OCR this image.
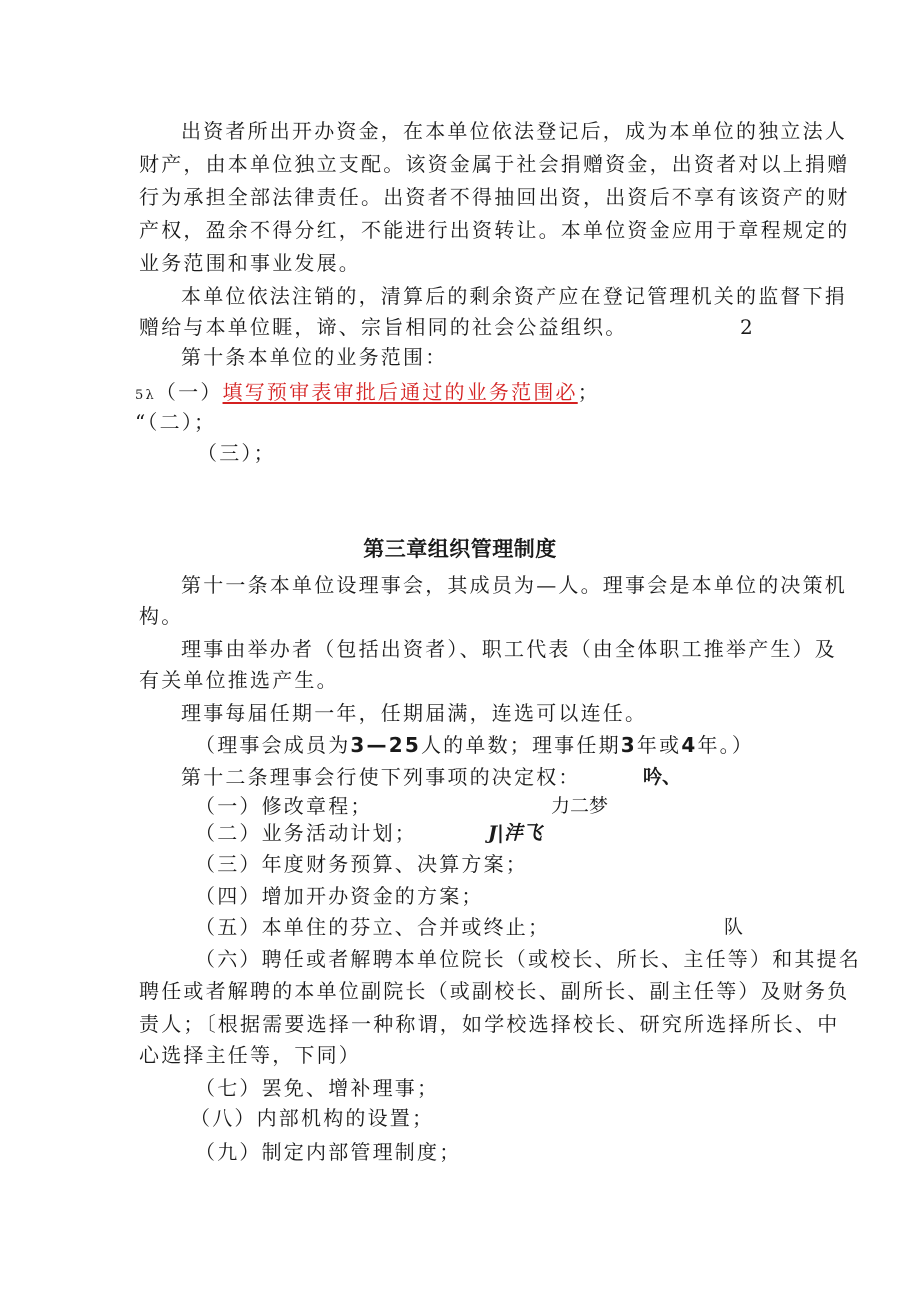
出资者所出开办资金，在本单位依法登记后，成为本单位的独立法人
财产，由本单位独立支配。该资金属于社会捐赠资金，出资者对以上捐赠
行为承担全部法律责任。出资者不得抽回出资，出资后不享有该资产的财
产权，盈余不得分红，不能进行出资转让。本单位资金应用于章程规定的
业务范围和事业发展。
本单位依法注销的，清算后的剩余资产应在登记管理机关的监督下捐
赠给与本单位睚，谛、宗旨相同的社会公益组织。	2
第十条本单位的业务范围：
5λ（一）填写预审表审批后通过的业务范围必；
“（二）；
（三）；
第三章组织管理制度
第十一条本单位设理事会，其成员为—人。理事会是本单位的决策机
构。
理事由举办者（包括出资者）、职工代表（由全体职工推举产生）及
有关单位推选产生。
理事每届任期一年，任期届满，连选可以连任。
（理事会成员为3—25人的单数；理事任期3年或4年。）
第十二条理事会行使下列事项的决定权：
（一）修改章程；
（二）业务活动计划；
（三）年度财务预算、决算方案；
（四）增加开办资金的方案；
（五）本单住的芬立、合并或终止；
（六）聘任或者解聘本单位院长（或校长、所长、主任等）和其提名
聘任或者解聘的本单位副院长（或副校长、副所长、副主任等）及财务负
责人；〔根据需要选择一种称谓，如学校选择校长、研究所选择所长、中
心选择主任等，下同）
（七）罢免、增补理事；
（八）内部机构的设置；
（九）制定内部管理制度；
吟、
力二梦
J|沣飞
队
